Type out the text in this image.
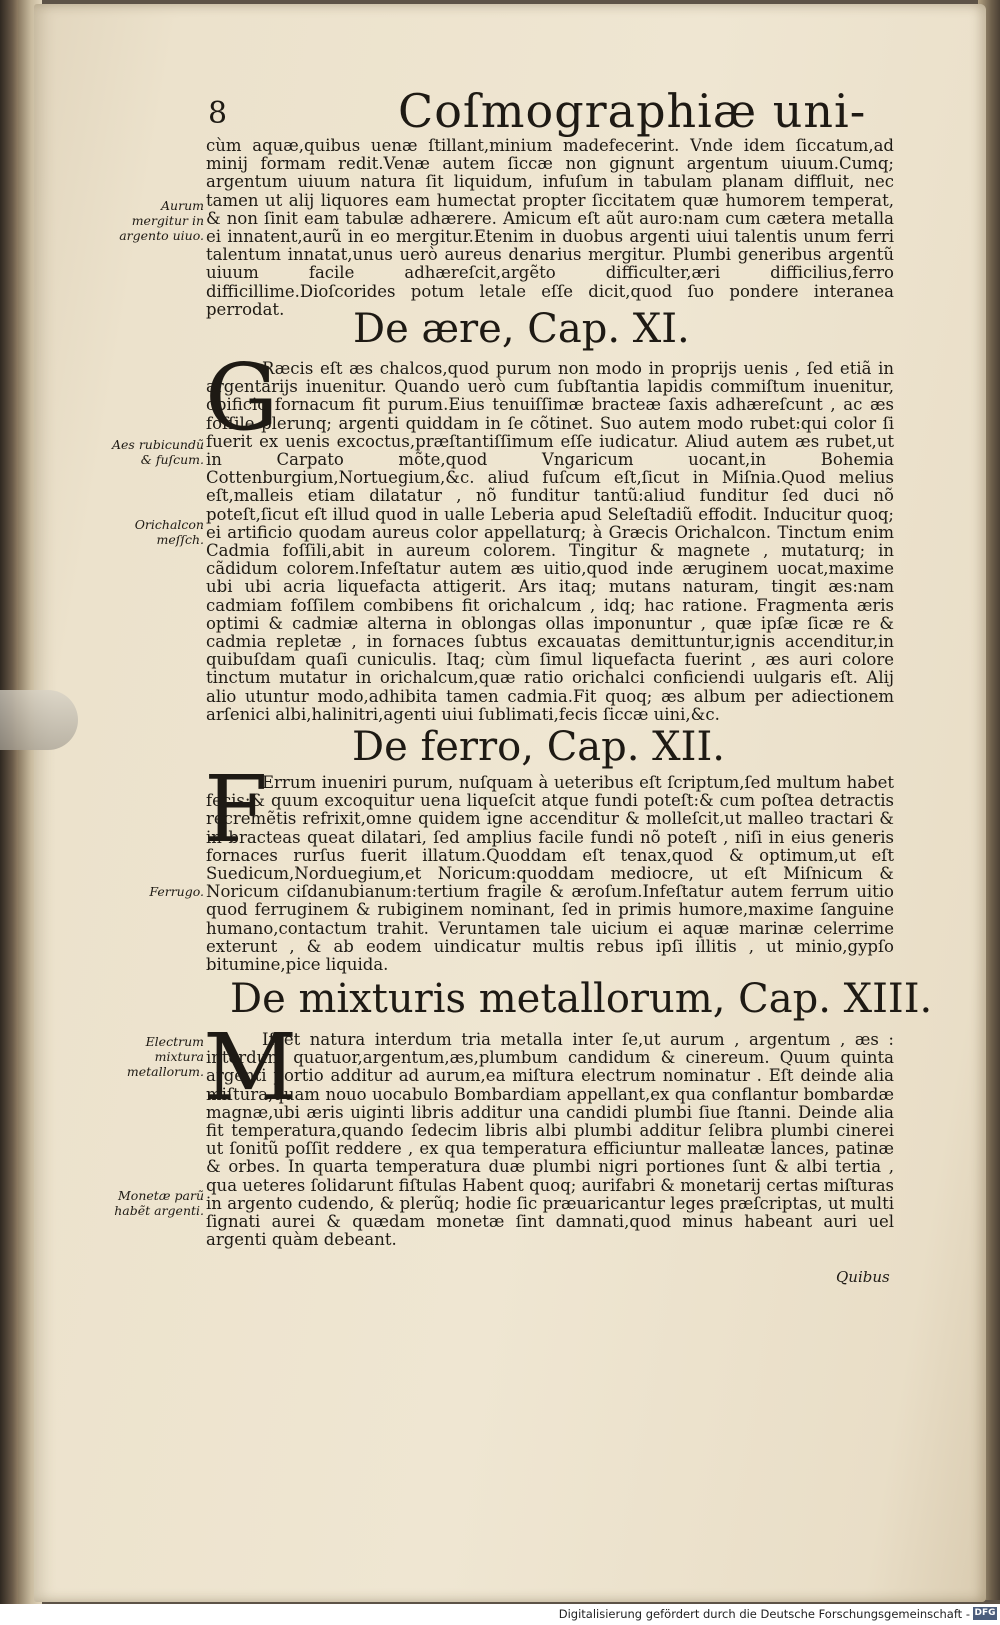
8	Coſmographiæ uni-
cùm aquæ,quibus uenæ ſtillant,minium madefecerint. Vnde idem ſiccatum,ad minij formam redit.Venæ autem ſiccæ non gignunt argentum uiuum.Cumq; argentum uiuum natura ſit liquidum, infuſum in tabulam planam diffluit, nec tamen ut alij liquores eam humectat propter ſiccitatem quæ humorem temperat, & non ſinit eam tabulæ adhærere. Amicum eſt aũt auro:nam cum cætera metalla ei innatent,aurũ in eo mergitur.Etenim in duobus argenti uiui talentis unum ferri talentum innatat,unus uerò aureus denarius mergitur. Plumbi generibus argentũ uiuum facile adhæreſcit,argẽto difficulter,æri difficilius,ferro difficillime.Dioſcorides potum letale eſſe dicit,quod ſuo pondere interanea perrodat.
Aurum mergitur in argento uiuo.
De ære, Cap. XI.
G
Ræcis eſt æs chalcos,quod purum non modo in proprijs uenis , ſed etiã in argentarijs inuenitur. Quando uerò cum ſubſtantia lapidis commiſtum inuenitur, opificio fornacum fit purum.Eius tenuiſſimæ bracteæ ſaxis adhæreſcunt , ac æs foſſile plerunq; argenti quiddam in ſe cõtinet. Suo autem modo rubet:qui color ſi fuerit ex uenis excoctus,præſtantiſſimum eſſe iudicatur. Aliud autem æs rubet,ut in Carpato mõte,quod Vngaricum uocant,in Bohemia Cottenburgium,Nortuegium,&c. aliud fuſcum eſt,ſicut in Miſnia.Quod melius eſt,malleis etiam dilatatur , nõ funditur tantũ:aliud funditur ſed duci nõ poteſt,ſicut eſt illud quod in ualle Leberia apud Seleſtadiũ effodit. Inducitur quoq; ei artificio quodam aureus color appellaturq; à Græcis Orichalcon. Tinctum enim Cadmia foſſili,abit in aureum colorem. Tingitur & magnete , mutaturq; in cãdidum colorem.Infeſtatur autem æs uitio,quod inde æruginem uocat,maxime ubi ubi acria liquefacta attigerit. Ars itaq; mutans naturam, tingit æs:nam cadmiam foſſilem combibens fit orichalcum , idq; hac ratione. Fragmenta æris optimi & cadmiæ alterna in oblongas ollas imponuntur , quæ ipſæ ſicæ re & cadmia repletæ , in fornaces ſubtus excauatas demittuntur,ignis accenditur,in quibuſdam quaſi cuniculis. Itaq; cùm ſimul liquefacta fuerint , æs auri colore tinctum mutatur in orichalcum,quæ ratio orichalci conficiendi uulgaris eſt. Alij alio utuntur modo,adhibita tamen cadmia.Fit quoq; æs album per adiectionem arſenici albi,halinitri,agenti uiui ſublimati,fecis ſiccæ uini,&c.
Aes rubicundũ & fuſcum.
Orichalcon meſſch.
De ferro, Cap. XII.
F
Errum inueniri purum, nuſquam à ueteribus eſt ſcriptum,ſed multum habet fecis:& quum excoquitur uena liqueſcit atque fundi poteſt:& cum poſtea detractis recremẽtis refrixit,omne quidem igne accenditur & molleſcit,ut malleo tractari & in bracteas queat dilatari, ſed amplius facile fundi nõ poteſt , niſi in eius generis fornaces rurſus fuerit illatum.Quoddam eſt tenax,quod & optimum,ut eſt Suedicum,Norduegium,et Noricum:quoddam mediocre, ut eſt Miſnicum & Noricum ciſdanubianum:tertium fragile & æroſum.Infeſtatur autem ferrum uitio quod ferruginem & rubiginem nominant, ſed in primis humore,maxime ſanguine humano,contactum trahit. Veruntamen tale uicium ei aquæ marinæ celerrime exterunt , & ab eodem uindicatur multis rebus ipſi illitis , ut minio,gypſo bitumine,pice liquida.
Ferrugo.
De mixturis metallorum, Cap. XIII.
M
Iſcet natura interdum tria metalla inter ſe,ut aurum , argentum , æs : interdum quatuor,argentum,æs,plumbum candidum & cinereum. Quum quinta argenti portio additur ad aurum,ea miſtura electrum nominatur . Eſt deinde alia miſtura,quam nouo uocabulo Bombardiam appellant,ex qua conflantur bombardæ magnæ,ubi æris uiginti libris additur una candidi plumbi ſiue ſtanni. Deinde alia fit temperatura,quando ſedecim libris albi plumbi additur ſelibra plumbi cinerei ut ſonitũ poſſit reddere , ex qua temperatura efficiuntur malleatæ lances, patinæ & orbes. In quarta temperatura duæ plumbi nigri portiones ſunt & albi tertia , qua ueteres ſolidarunt fiſtulas Habent quoq; aurifabri & monetarij certas miſturas in argento cudendo, & plerũq; hodie ſic præuaricantur leges præſcriptas, ut multi ſignati aurei & quædam monetæ ſint damnati,quod minus habeant auri uel argenti quàm debeant.
Electrum mixtura metallorum.
Monetæ parũ habẽt argenti.
Quibus
Digitalisierung gefördert durch die Deutsche Forschungsgemeinschaft - DFG
